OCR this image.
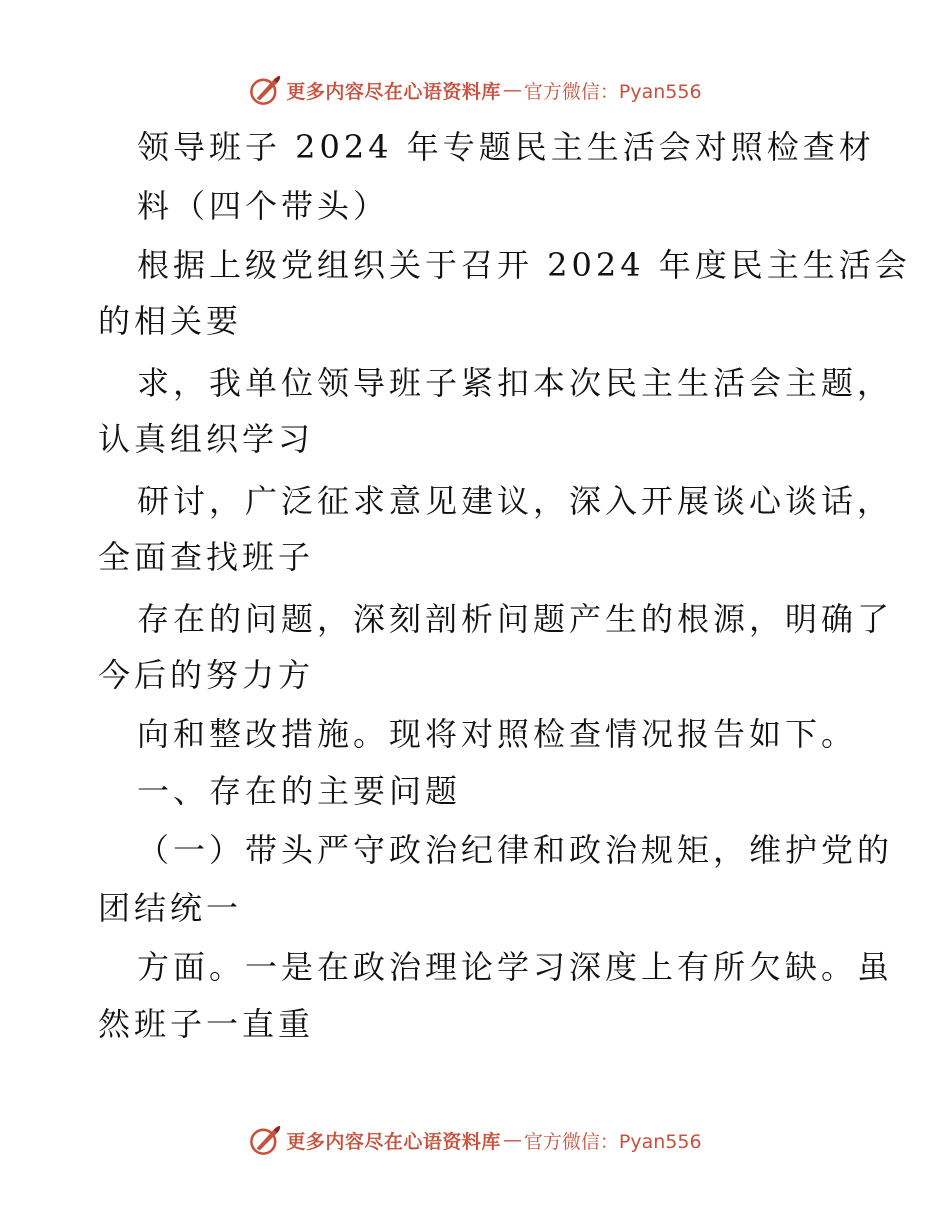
更多内容尽在心语资料库 — 官方微信：Pyan556
领导班子 2024 年专题民主生活会对照检查材
料（四个带头）
根据上级党组织关于召开 2024 年度民主生活会
的相关要
求，我单位领导班子紧扣本次民主生活会主题，
认真组织学习
研讨，广泛征求意见建议，深入开展谈心谈话，
全面查找班子
存在的问题，深刻剖析问题产生的根源，明确了
今后的努力方
向和整改措施。现将对照检查情况报告如下。
一、存在的主要问题
（一）带头严守政治纪律和政治规矩，维护党的
团结统一
方面。一是在政治理论学习深度上有所欠缺。虽
然班子一直重
更多内容尽在心语资料库 — 官方微信：Pyan556
